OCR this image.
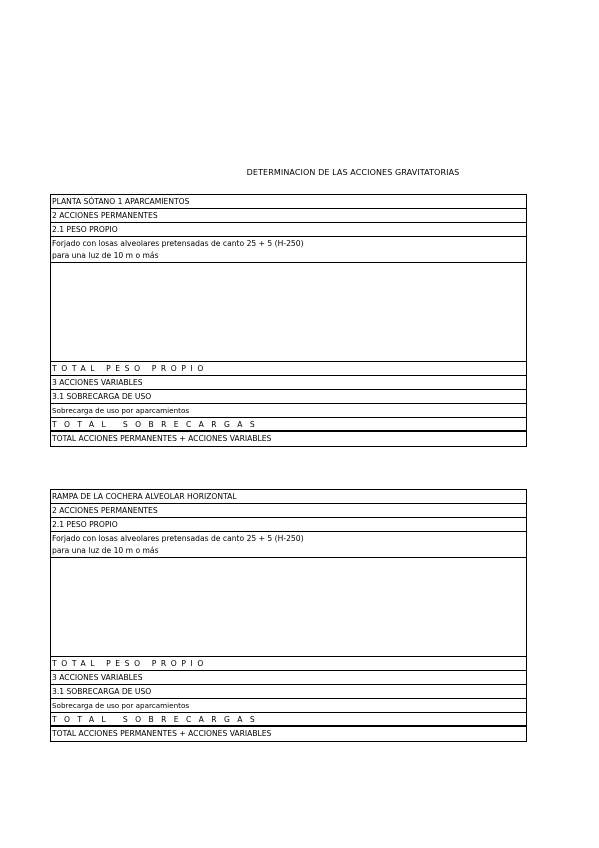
DETERMINACION DE LAS ACCIONES GRAVITATORIAS
PLANTA SÓTANO 1 APARCAMIENTOS
2 ACCIONES PERMANENTES
2.1 PESO PROPIO
Forjado con losas alveolares pretensadas de canto 25 + 5 (H-250)
para una luz de 10 m o más
TOTAL PESO PROPIO
3 ACCIONES VARIABLES
3.1 SOBRECARGA DE USO
Sobrecarga de uso por aparcamientos
TOTAL SOBRECARGAS
TOTAL ACCIONES PERMANENTES + ACCIONES VARIABLES
RAMPA DE LA COCHERA ALVEOLAR HORIZONTAL
2 ACCIONES PERMANENTES
2.1 PESO PROPIO
Forjado con losas alveolares pretensadas de canto 25 + 5 (H-250)
para una luz de 10 m o más
TOTAL PESO PROPIO
3 ACCIONES VARIABLES
3.1 SOBRECARGA DE USO
Sobrecarga de uso por aparcamientos
TOTAL SOBRECARGAS
TOTAL ACCIONES PERMANENTES + ACCIONES VARIABLES
